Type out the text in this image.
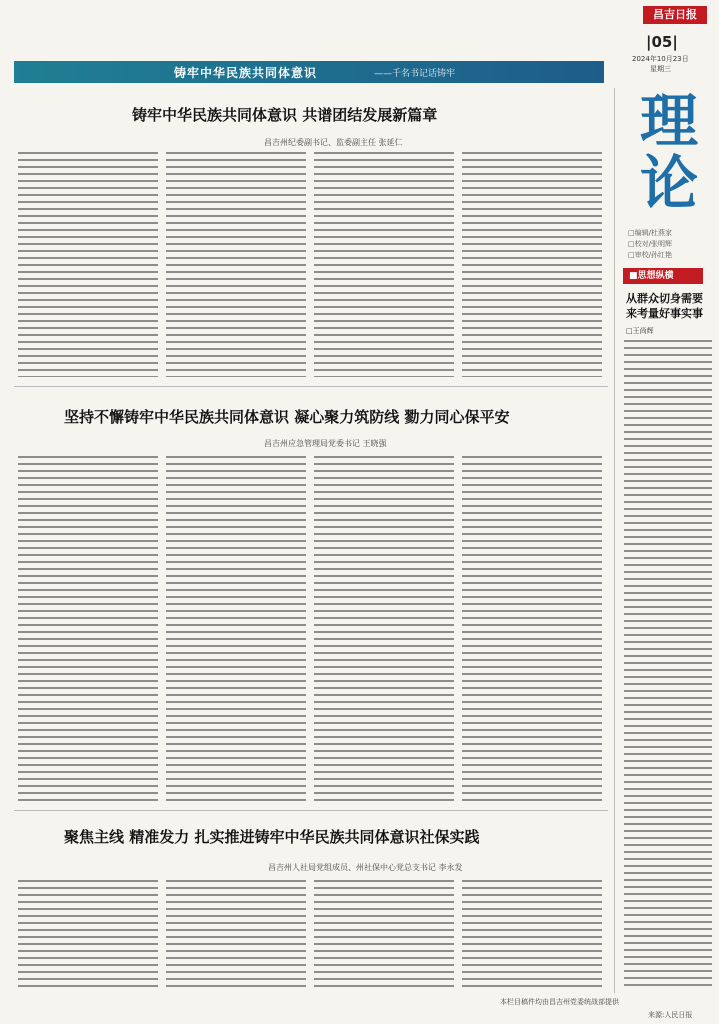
昌吉日报
|05|
2024年10月23日
星期三
铸牢中华民族共同体意识	——千名书记话铸牢
理论
□编辑/杜燕家
□校对/张明辉
□审校/孙红艳
铸牢中华民族共同体意识 共谱团结发展新篇章
昌吉州纪委副书记、监委副主任 张延仁
坚持不懈铸牢中华民族共同体意识 凝心聚力筑防线 勠力同心保平安
昌吉州应急管理局党委书记 王晓强
聚焦主线 精准发力 扎实推进铸牢中华民族共同体意识社保实践
昌吉州人社局党组成员、州社保中心党总支书记 李永发
■思想纵横
从群众切身需要来考量好事实事
□王尚辉
本栏目稿件均由昌吉州党委统战部提供
来源:人民日报
